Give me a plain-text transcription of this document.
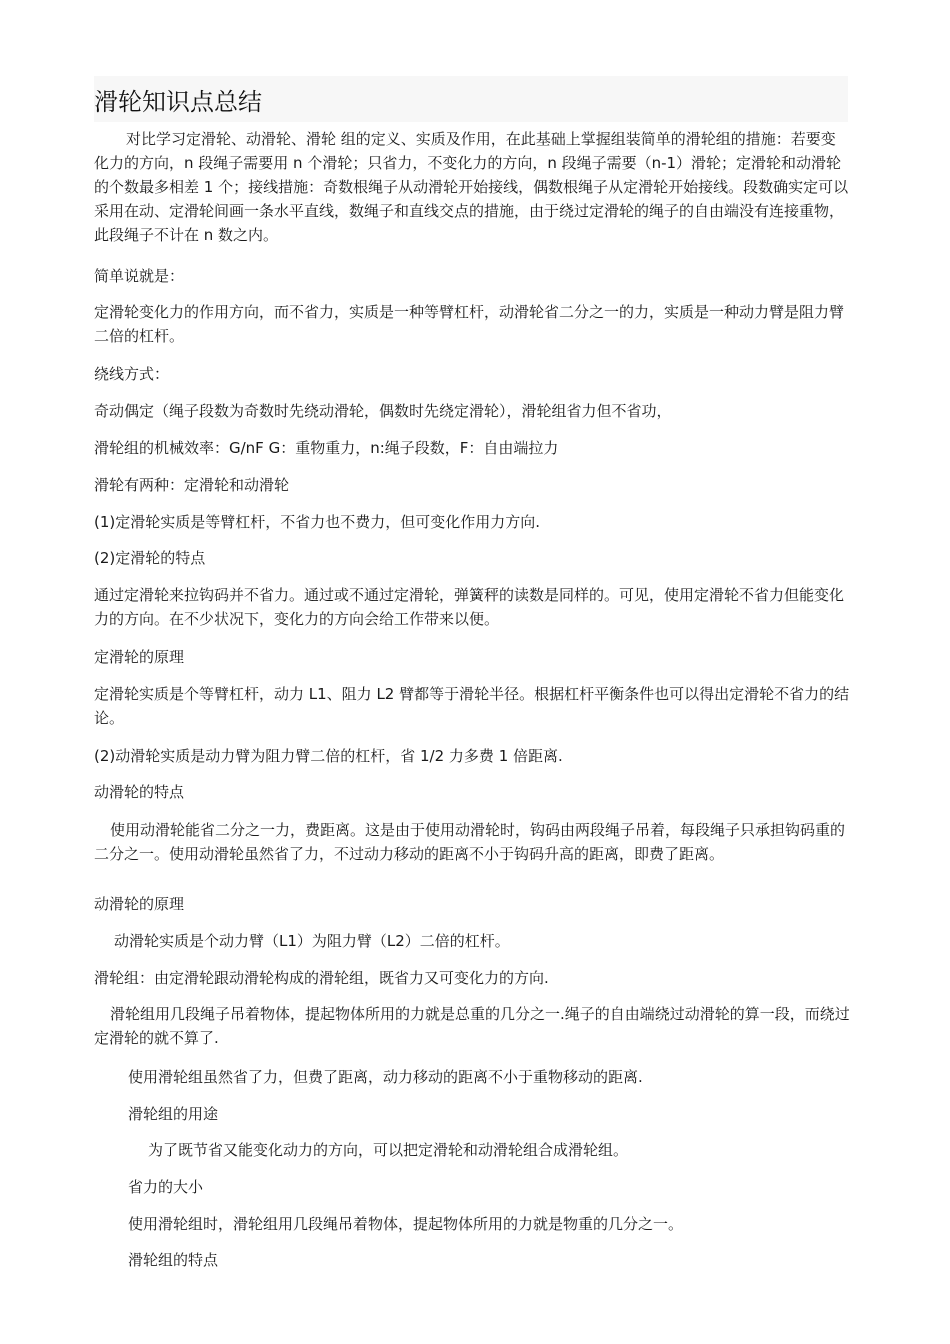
滑轮知识点总结

对比学习定滑轮、动滑轮、滑轮 组的定义、实质及作用，在此基础上掌握组装简单的滑轮组的措施：若要变化力的方向，n 段绳子需要用 n 个滑轮；只省力，不变化力的方向，n 段绳子需要（n-1）滑轮；定滑轮和动滑轮的个数最多相差 1 个；接线措施：奇数根绳子从动滑轮开始接线，偶数根绳子从定滑轮开始接线。段数确实定可以采用在动、定滑轮间画一条水平直线，数绳子和直线交点的措施，由于绕过定滑轮的绳子的自由端没有连接重物，此段绳子不计在 n 数之内。

简单说就是：

定滑轮变化力的作用方向，而不省力，实质是一种等臂杠杆，动滑轮省二分之一的力，实质是一种动力臂是阻力臂二倍的杠杆。

绕线方式：

奇动偶定（绳子段数为奇数时先绕动滑轮，偶数时先绕定滑轮），滑轮组省力但不省功，

滑轮组的机械效率：G/nF G：重物重力，n:绳子段数，F：自由端拉力

滑轮有两种：定滑轮和动滑轮

(1)定滑轮实质是等臂杠杆，不省力也不费力，但可变化作用力方向.

(2)定滑轮的特点

通过定滑轮来拉钩码并不省力。通过或不通过定滑轮，弹簧秤的读数是同样的。可见，使用定滑轮不省力但能变化力的方向。在不少状况下，变化力的方向会给工作带来以便。

定滑轮的原理

定滑轮实质是个等臂杠杆，动力 L1、阻力 L2 臂都等于滑轮半径。根据杠杆平衡条件也可以得出定滑轮不省力的结论。

(2)动滑轮实质是动力臂为阻力臂二倍的杠杆，省 1/2 力多费 1 倍距离.

动滑轮的特点

使用动滑轮能省二分之一力，费距离。这是由于使用动滑轮时，钩码由两段绳子吊着，每段绳子只承担钩码重的二分之一。使用动滑轮虽然省了力，不过动力移动的距离不小于钩码升高的距离，即费了距离。

动滑轮的原理

动滑轮实质是个动力臂（L1）为阻力臂（L2）二倍的杠杆。

滑轮组：由定滑轮跟动滑轮构成的滑轮组，既省力又可变化力的方向.

滑轮组用几段绳子吊着物体，提起物体所用的力就是总重的几分之一.绳子的自由端绕过动滑轮的算一段，而绕过定滑轮的就不算了.

使用滑轮组虽然省了力，但费了距离，动力移动的距离不小于重物移动的距离.

滑轮组的用途

为了既节省又能变化动力的方向，可以把定滑轮和动滑轮组合成滑轮组。

省力的大小

使用滑轮组时，滑轮组用几段绳吊着物体，提起物体所用的力就是物重的几分之一。

滑轮组的特点
